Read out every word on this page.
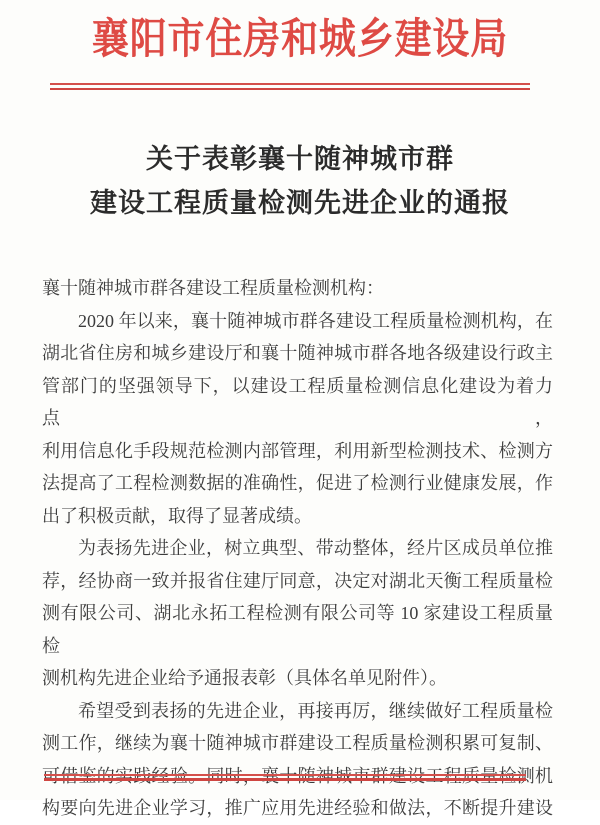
襄阳市住房和城乡建设局
关于表彰襄十随神城市群
建设工程质量检测先进企业的通报
襄十随神城市群各建设工程质量检测机构：
2020 年以来，襄十随神城市群各建设工程质量检测机构，在
湖北省住房和城乡建设厅和襄十随神城市群各地各级建设行政主
管部门的坚强领导下，以建设工程质量检测信息化建设为着力点，
利用信息化手段规范检测内部管理，利用新型检测技术、检测方
法提高了工程检测数据的准确性，促进了检测行业健康发展，作
出了积极贡献，取得了显著成绩。
为表扬先进企业，树立典型、带动整体，经片区成员单位推
荐，经协商一致并报省住建厅同意，决定对湖北天衡工程质量检
测有限公司、湖北永拓工程检测有限公司等 10 家建设工程质量检
测机构先进企业给予通报表彰（具体名单见附件）。
希望受到表扬的先进企业，再接再厉，继续做好工程质量检
测工作，继续为襄十随神城市群建设工程质量检测积累可复制、
可借鉴的实践经验。同时，襄十随神城市群建设工程质量检测机
构要向先进企业学习，推广应用先进经验和做法，不断提升建设
